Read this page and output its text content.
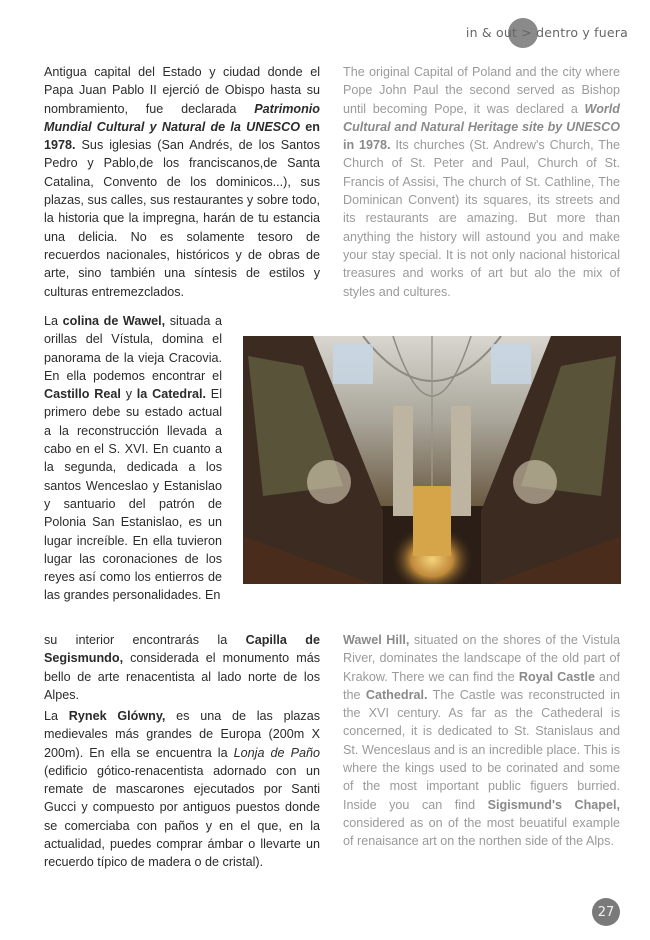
in & out > dentro y fuera

Antigua capital del Estado y ciudad donde el Papa Juan Pablo II ejerció de Obispo hasta su nombramiento, fue declarada Patrimonio Mundial Cultural y Natural de la UNESCO en 1978. Sus iglesias (San Andrés, de los Santos Pedro y Pablo,de los franciscanos,de Santa Catalina, Convento de los dominicos...), sus plazas, sus calles, sus restaurantes y sobre todo, la historia que la impregna, harán de tu estancia una delicia. No es solamente tesoro de recuerdos nacionales, históricos y de obras de arte, sino también una síntesis de estilos y culturas entremezclados.

The original Capital of Poland and the city where Pope John Paul the second served as Bishop until becoming Pope, it was declared a World Cultural and Natural Heritage site by UNESCO in 1978. Its churches (St. Andrew's Church, The Church of St. Peter and Paul, Church of St. Francis of Assisi, The church of St. Cathline, The Dominican Convent) its squares, its streets and its restaurants are amazing. But more than anything the history will astound you and make your stay special. It is not only nacional historical treasures and works of art but alo the mix of styles and cultures.

La colina de Wawel, situada a orillas del Vístula, domina el panorama de la vieja Cracovia. En ella podemos encontrar el Castillo Real y la Catedral. El primero debe su estado actual a la reconstrucción llevada a cabo en el S. XVI. En cuanto a la segunda, dedicada a los santos Wenceslao y Estanislao y santuario del patrón de Polonia San Estanislao, es un lugar increíble. En ella tuvieron lugar las coronaciones de los reyes así como los entierros de las grandes personalidades. En

su interior encontrarás la Capilla de Segismundo, considerada el monumento más bello de arte renacentista al lado norte de los Alpes.

La Rynek Glówny, es una de las plazas medievales más grandes de Europa (200m X 200m). En ella se encuentra la Lonja de Paño (edificio gótico-renacentista adornado con un remate de mascarones ejecutados por Santi Gucci y compuesto por antiguos puestos donde se comerciaba con paños y en el que, en la actualidad, puedes comprar ámbar o llevarte un recuerdo típico de madera o de cristal).

Wawel Hill, situated on the shores of the Vistula River, dominates the landscape of the old part of Krakow. There we can find the Royal Castle and the Cathedral. The Castle was reconstructed in the XVI century. As far as the Cathederal is concerned, it is dedicated to St. Stanislaus and St. Wenceslaus and is an incredible place. This is where the kings used to be corinated and some of the most important public figuers burried. Inside you can find Sigismund's Chapel, considered as on of the most beuatiful example of renaisance art on the northen side of the Alps.

27
